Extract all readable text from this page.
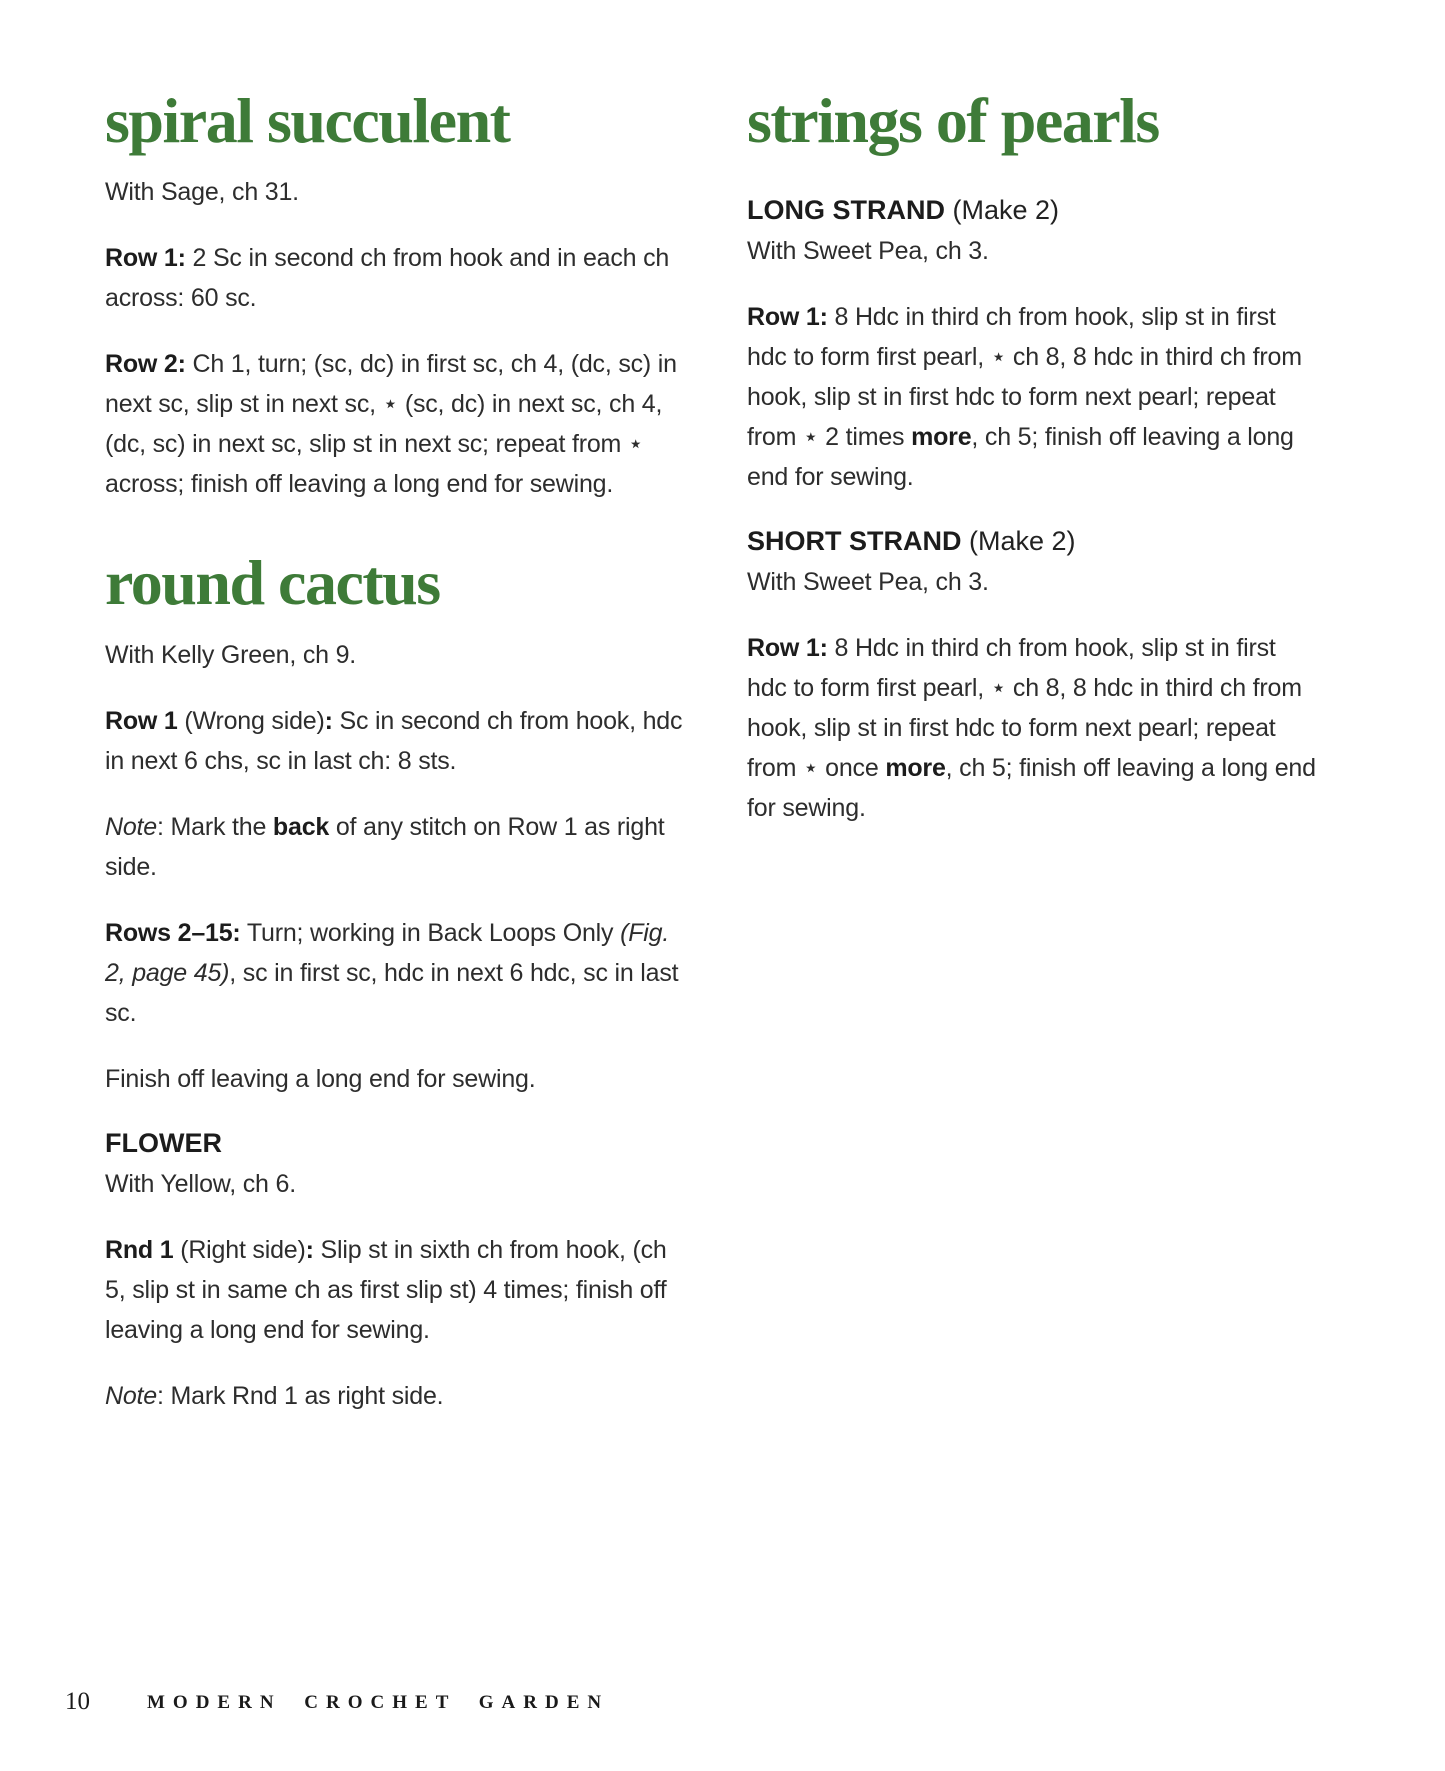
spiral succulent

With Sage, ch 31.

Row 1: 2 Sc in second ch from hook and in each ch across: 60 sc.

Row 2: Ch 1, turn; (sc, dc) in first sc, ch 4, (dc, sc) in next sc, slip st in next sc, ⋆ (sc, dc) in next sc, ch 4, (dc, sc) in next sc, slip st in next sc; repeat from ⋆ across; finish off leaving a long end for sewing.

round cactus

With Kelly Green, ch 9.

Row 1 (Wrong side): Sc in second ch from hook, hdc in next 6 chs, sc in last ch: 8 sts.

Note: Mark the back of any stitch on Row 1 as right side.

Rows 2–15: Turn; working in Back Loops Only (Fig. 2, page 45), sc in first sc, hdc in next 6 hdc, sc in last sc.

Finish off leaving a long end for sewing.

FLOWER

With Yellow, ch 6.

Rnd 1 (Right side): Slip st in sixth ch from hook, (ch 5, slip st in same ch as first slip st) 4 times; finish off leaving a long end for sewing.

Note: Mark Rnd 1 as right side.

strings of pearls
LONG STRAND (Make 2)

With Sweet Pea, ch 3.

Row 1: 8 Hdc in third ch from hook, slip st in first hdc to form first pearl, ⋆ ch 8, 8 hdc in third ch from hook, slip st in first hdc to form next pearl; repeat from ⋆ 2 times more, ch 5; finish off leaving a long end for sewing.

SHORT STRAND (Make 2)

With Sweet Pea, ch 3.

Row 1: 8 Hdc in third ch from hook, slip st in first hdc to form first pearl, ⋆ ch 8, 8 hdc in third ch from hook, slip st in first hdc to form next pearl; repeat from ⋆ once more, ch 5; finish off leaving a long end for sewing.

10	MODERN CROCHET GARDEN
